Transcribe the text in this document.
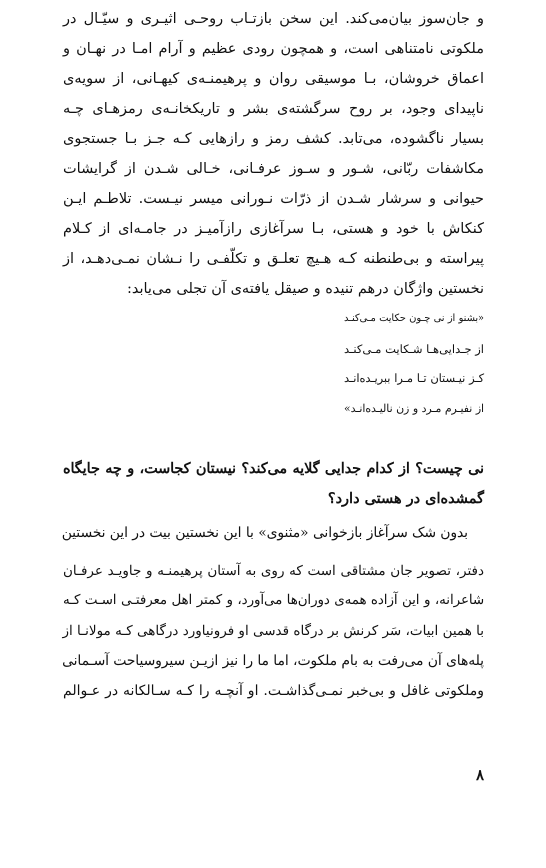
و جان‌سوز بیان‌می‌کند. این سخن بازتـاب روحـی اثیـری و سیّـال در
ملکوتی نامتناهی است، و همچون رودی عظیم و آرام امـا در نهـان و
اعماق خروشان، بـا موسیقی روان و پرهیمنـه‌ی کیهـانی، از سویه‌ی
ناپیدای وجود، بر روح سرگشته‌ی بشر و تاریکخانـه‌ی رمزهـای چـه
بسیار ناگشوده، می‌تابد. کشف رمز و رازهایی کـه جـز بـا جستجوی
مکاشفات ربّانی، شـور و سـوز عرفـانی، خـالی شـدن از گرایشات
حیوانی و سرشار شـدن از ذرّات نـورانی میسر نیـست. تلاطـم ایـن
کنکاش با خود و هستی، بـا سرآغازی رازآمیـز در جامـه‌ای از کـلام
پیراسته و بی‌طنطنه کـه هـیچ تعلـق و تکلّفـی را نـشان نمـی‌دهـد، از
نخستین واژگان درهم تنیده و صیقل یافته‌ی آن تجلی می‌یابد:
«بشنو از نی چـون حکایت مـی‌کنـد
از جـدایی‌هـا شـکایت مـی‌کنـد
کـز نیـستان تـا مـرا ببریـده‌انـد
از نفیـرم مـرد و زن نالیـده‌انـد»
نی چیست؟ از کدام جدایی گلایه می‌کند؟ نیستان کجاست، و چه جایگاه
گمشده‌ای در هستی دارد؟
بدون شک سرآغاز بازخوانی «مثنوی» با این نخستین بیت در این نخستین
دفتر، تصویر جان مشتاقی است که روی به آستان پرهیمنـه و جاویـد عرفـان
شاعرانه، و این آزاده همه‌ی دوران‌ها می‌آورد، و کمتر اهل معرفتـی اسـت کـه
با همین ابیات، سَر کرنش بر درگاه قدسی او فرونیاورد درگاهی کـه مولانـا از
پله‌های آن می‌رفت به بام ملکوت، اما ما را نیز ازیـن سیروسیاحت آسـمانی
وملکوتی غافل و بی‌خبر نمـی‌گذاشـت. او آنچـه را کـه سـالکانه در عـوالم
۸
